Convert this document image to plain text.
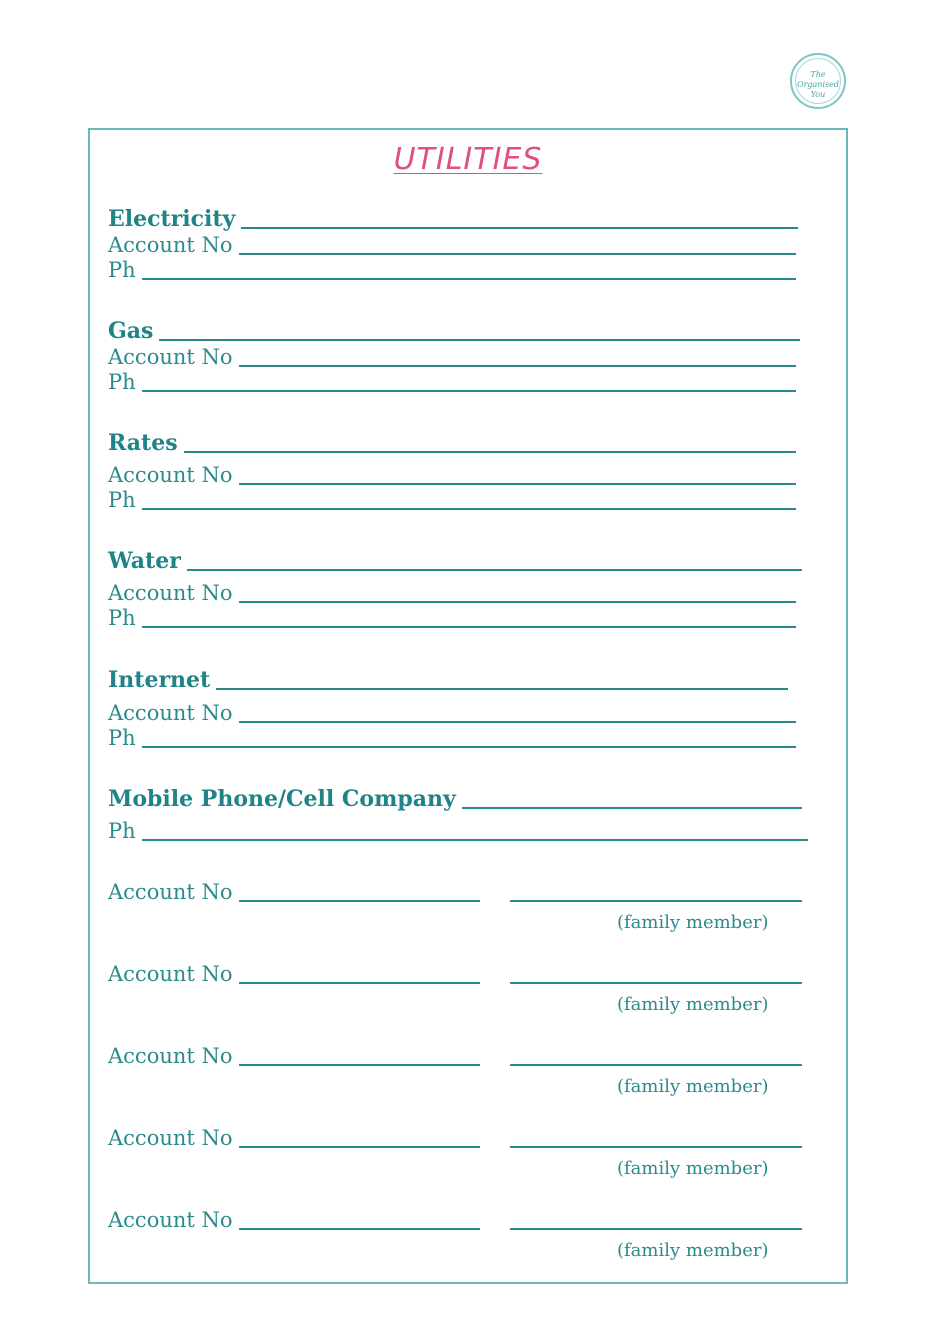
The
Organised
You
UTILITIES
Electricity
Account No
Ph
Gas
Account No
Ph
Rates
Account No
Ph
Water
Account No
Ph
Internet
Account No
Ph
Mobile Phone/Cell Company
Ph
Account No
(family member)
Account No
(family member)
Account No
(family member)
Account No
(family member)
Account No
(family member)
